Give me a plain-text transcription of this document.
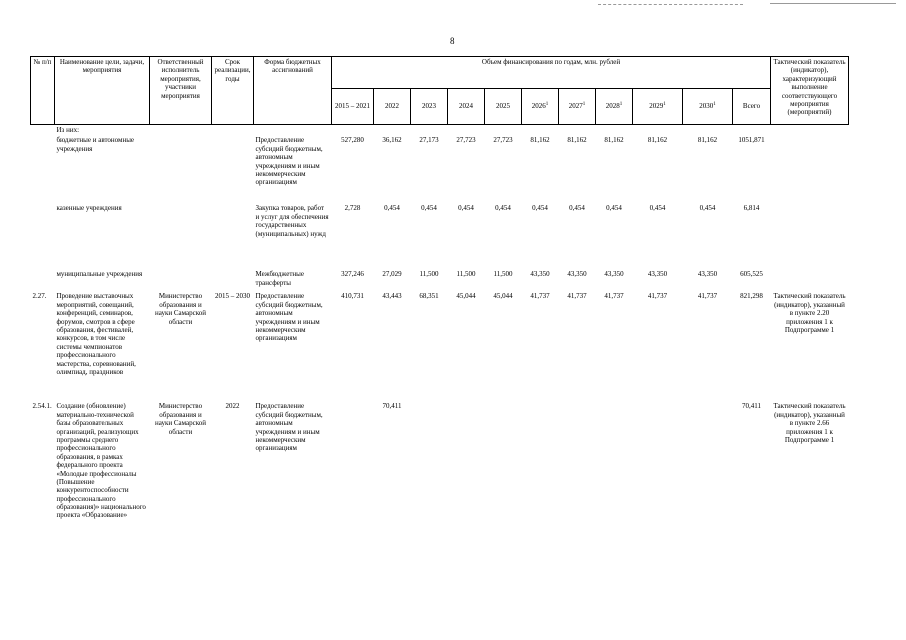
8
№ п/п	Наименование цели, задачи, мероприятия	Ответственный исполнитель мероприятия, участники мероприятия	Срок реализации, годы	Форма бюджетных ассигнований	Объем финансирования по годам, млн. рублей											Тактический показатель (индикатор), характеризующий выполнение соответствующего мероприятия (мероприятий)
					2015 – 2021	2022	2023	2024	2025	2026$^1$	2027$^1$	2028$^1$	2029$^1$	2030$^1$	Всего	
	Из них:															
	бюджетные и автономные учреждения			Предоставление субсидий бюджетным, автономным учреждениям и иным некоммерческим организациям	527,280	36,162	27,173	27,723	27,723	81,162	81,162	81,162	81,162	81,162	1051,871	
	казенные учреждения			Закупка товаров, работ и услуг для обеспечения государственных (муниципальных) нужд	2,728	0,454	0,454	0,454	0,454	0,454	0,454	0,454	0,454	0,454	6,814	
	муниципальные учреждения			Межбюджетные трансферты	327,246	27,029	11,500	11,500	11,500	43,350	43,350	43,350	43,350	43,350	605,525	
2.27.	Проведение выставочных мероприятий, совещаний, конференций, семинаров, форумов, смотров в сфере образования, фестивалей, конкурсов, в том числе системы чемпионатов профессионального мастерства, соревнований, олимпиад, праздников	Министерство образования и науки Самарской области	2015 – 2030	Предоставление субсидий бюджетным, автономным учреждениям и иным некоммерческим организациям	410,731	43,443	68,351	45,044	45,044	41,737	41,737	41,737	41,737	41,737	821,298	Тактический показатель (индикатор), указанный в пункте 2.20 приложения 1 к Подпрограмме 1
2.54.1.	Создание (обновление) материально-технической базы образовательных организаций, реализующих программы среднего профессионального образования, в рамках федерального проекта «Молодые профессионалы (Повышение конкурентоспособности профессионального образования)» национального проекта «Образование»	Министерство образования и науки Самарской области	2022	Предоставление субсидий бюджетным, автономным учреждениям и иным некоммерческим организациям		70,411									70,411	Тактический показатель (индикатор), указанный в пункте 2.66 приложения 1 к Подпрограмме 1
